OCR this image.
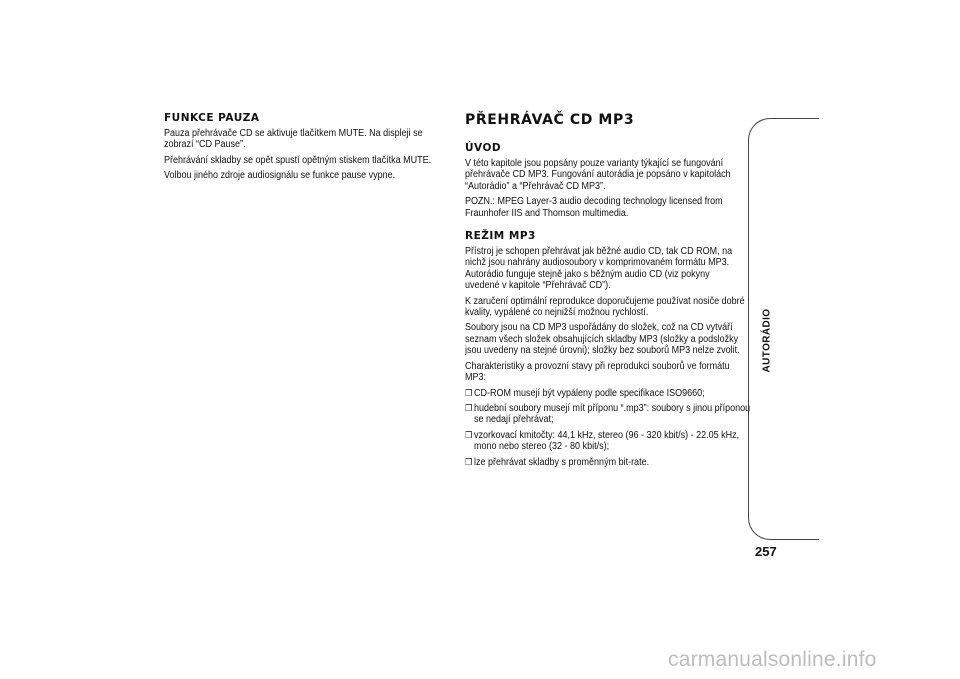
FUNKCE PAUZA

Pauza přehrávače CD se aktivuje tlačítkem MUTE. Na displeji se zobrazí “CD Pause”.

Přehrávání skladby se opět spustí opětným stiskem tlačítka MUTE.

Volbou jiného zdroje audiosignálu se funkce pause vypne.

PŘEHRÁVAČ CD MP3
ÚVOD

V této kapitole jsou popsány pouze varianty týkající se fungování přehrávače CD MP3. Fungování autorádia je popsáno v kapitolách “Autorádio” a “Přehrávač CD MP3”.

POZN.: MPEG Layer-3 audio decoding technology licensed from Fraunhofer IIS and Thomson multimedia.

REŽIM MP3

Přístroj je schopen přehrávat jak běžné audio CD, tak CD ROM, na nichž jsou nahrány audiosoubory v komprimovaném formátu MP3. Autorádio funguje stejně jako s běžným audio CD (viz pokyny uvedené v kapitole “Přehrávač CD”).

K zaručení optimální reprodukce doporučujeme používat nosiče dobré kvality, vypálené co nejnižší možnou rychlostí.

Soubory jsou na CD MP3 uspořádány do složek, což na CD vytváří seznam všech složek obsahujících skladby MP3 (složky a podsložky jsou uvedeny na stejné úrovni); složky bez souborů MP3 nelze zvolit.

Charakteristiky a provozní stavy při reprodukci souborů ve formátu MP3:

❒ CD-ROM musejí být vypáleny podle specifikace ISO9660;

❒ hudební soubory musejí mít příponu “.mp3”: soubory s jinou příponou se nedají přehrávat;

❒ vzorkovací kmitočty: 44,1 kHz, stereo (96 - 320 kbit/s) - 22.05 kHz, mono nebo stereo (32 - 80 kbit/s);

❒ lze přehrávat skladby s proměnným bit-rate.

AUTORÁDIO
257
carmanualsonline.info
